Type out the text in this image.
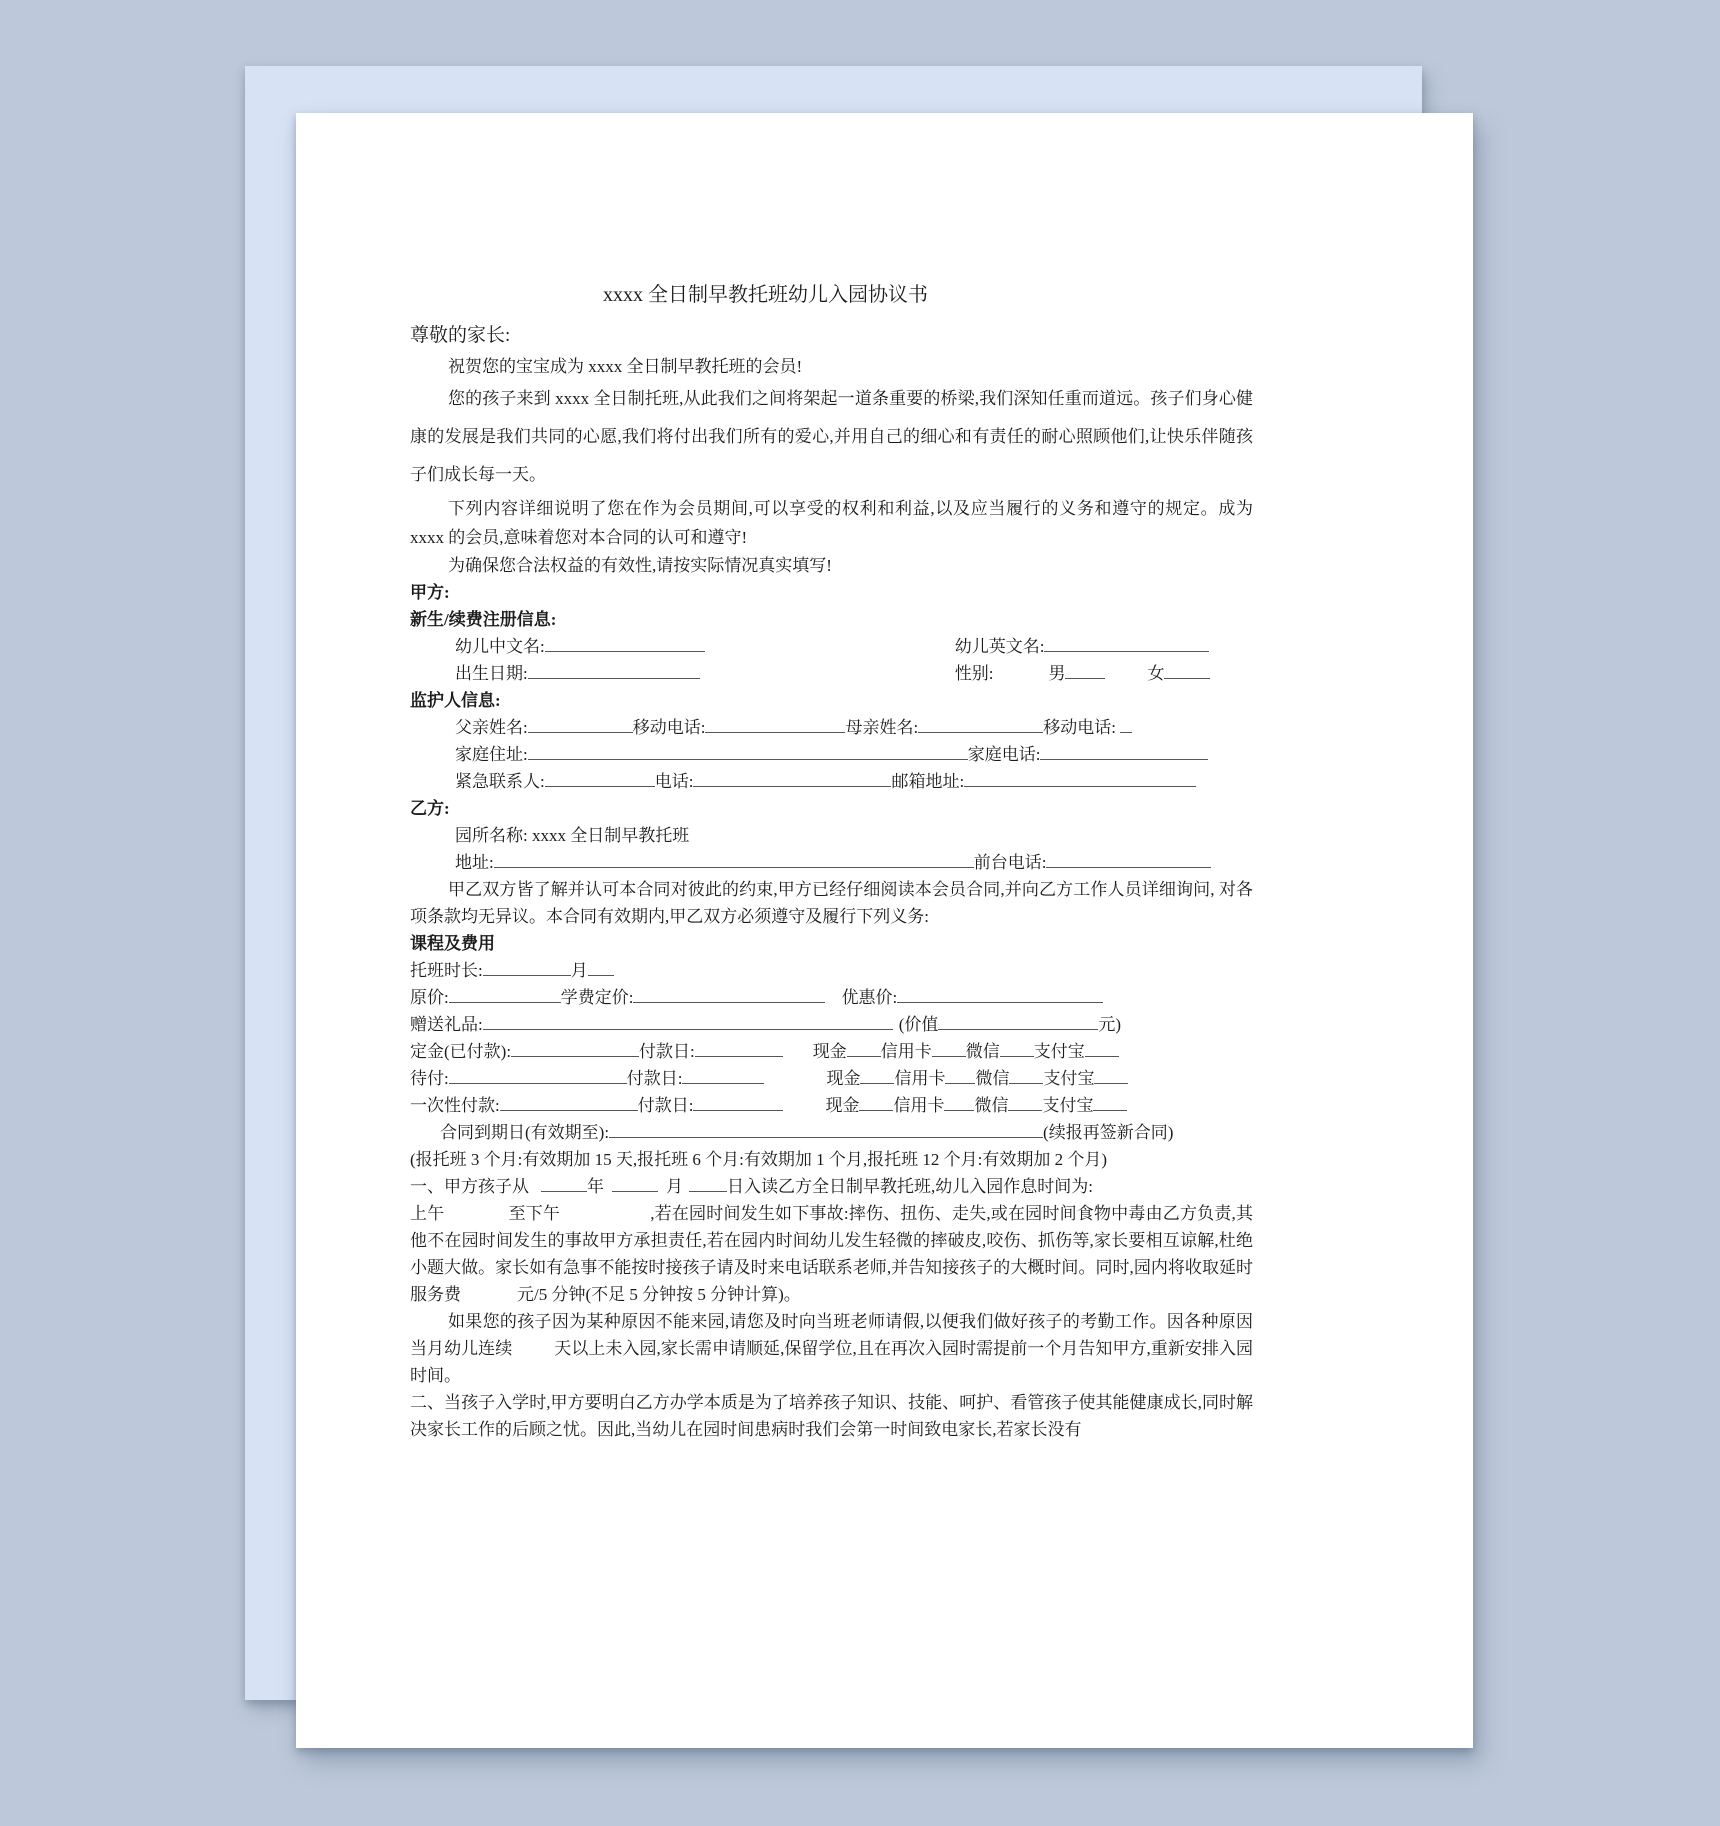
xxxx 全日制早教托班幼儿入园协议书
尊敬的家长:
祝贺您的宝宝成为 xxxx 全日制早教托班的会员!
您的孩子来到 xxxx 全日制托班,从此我们之间将架起一道条重要的桥梁,我们深知任重而道远。孩子们身心健康的发展是我们共同的心愿,我们将付出我们所有的爱心,并用自己的细心和有责任的耐心照顾他们,让快乐伴随孩子们成长每一天。
下列内容详细说明了您在作为会员期间,可以享受的权利和利益,以及应当履行的义务和遵守的规定。成为 xxxx 的会员,意味着您对本合同的认可和遵守!
为确保您合法权益的有效性,请按实际情况真实填写!
甲方:
新生/续费注册信息:
幼儿中文名:	幼儿英文名:
出生日期:	性别:	男	女
监护人信息:
父亲姓名:	移动电话:	母亲姓名:	移动电话:
家庭住址:	家庭电话:
紧急联系人:	电话:	邮箱地址:
乙方:
园所名称: xxxx 全日制早教托班
地址:	前台电话:
甲乙双方皆了解并认可本合同对彼此的约束,甲方已经仔细阅读本会员合同,并向乙方工作人员详细询问, 对各项条款均无异议。本合同有效期内,甲乙双方必须遵守及履行下列义务:
课程及费用
托班时长:	月
原价:	学费定价:	优惠价:
赠送礼品:	(价值	元)
定金(已付款):	付款日:	现金 信用卡 微信 支付宝
待付:	付款日:	现金 信用卡 微信 支付宝
一次性付款:	付款日:	现金 信用卡 微信 支付宝
合同到期日(有效期至):	(续报再签新合同)
(报托班 3 个月:有效期加 15 天,报托班 6 个月:有效期加 1 个月,报托班 12 个月:有效期加 2 个月)
一、甲方孩子从	年	月	日入读乙方全日制早教托班,幼儿入园作息时间为:
上午	至下午	,若在园时间发生如下事故:摔伤、扭伤、走失,或在园时间食物中毒由乙方负责,其他不在园时间发生的事故甲方承担责任,若在园内时间幼儿发生轻微的摔破皮,咬伤、抓伤等,家长要相互谅解,杜绝小题大做。家长如有急事不能按时接孩子请及时来电话联系老师,并告知接孩子的大概时间。同时,园内将收取延时服务费	元/5 分钟(不足 5 分钟按 5 分钟计算)。
如果您的孩子因为某种原因不能来园,请您及时向当班老师请假,以便我们做好孩子的考勤工作。因各种原因当月幼儿连续 天以上未入园,家长需申请顺延,保留学位,且在再次入园时需提前一个月告知甲方,重新安排入园时间。
二、当孩子入学时,甲方要明白乙方办学本质是为了培养孩子知识、技能、呵护、看管孩子使其能健康成长,同时解决家长工作的后顾之忧。因此,当幼儿在园时间患病时我们会第一时间致电家长,若家长没有
